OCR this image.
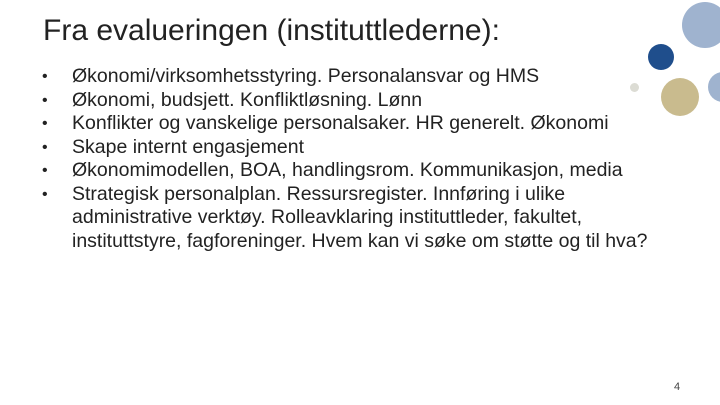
Fra evalueringen (instituttlederne):
•	Økonomi/virksomhetsstyring. Personalansvar og HMS
•	Økonomi, budsjett. Konfliktløsning. Lønn
•	Konflikter og vanskelige personalsaker. HR generelt. Økonomi
•	Skape internt engasjement
•	Økonomimodellen, BOA, handlingsrom. Kommunikasjon, media
•	Strategisk personalplan. Ressursregister. Innføring i ulike administrative verktøy. Rolleavklaring instituttleder, fakultet, instituttstyre, fagforeninger. Hvem kan vi søke om støtte og til hva?
4
